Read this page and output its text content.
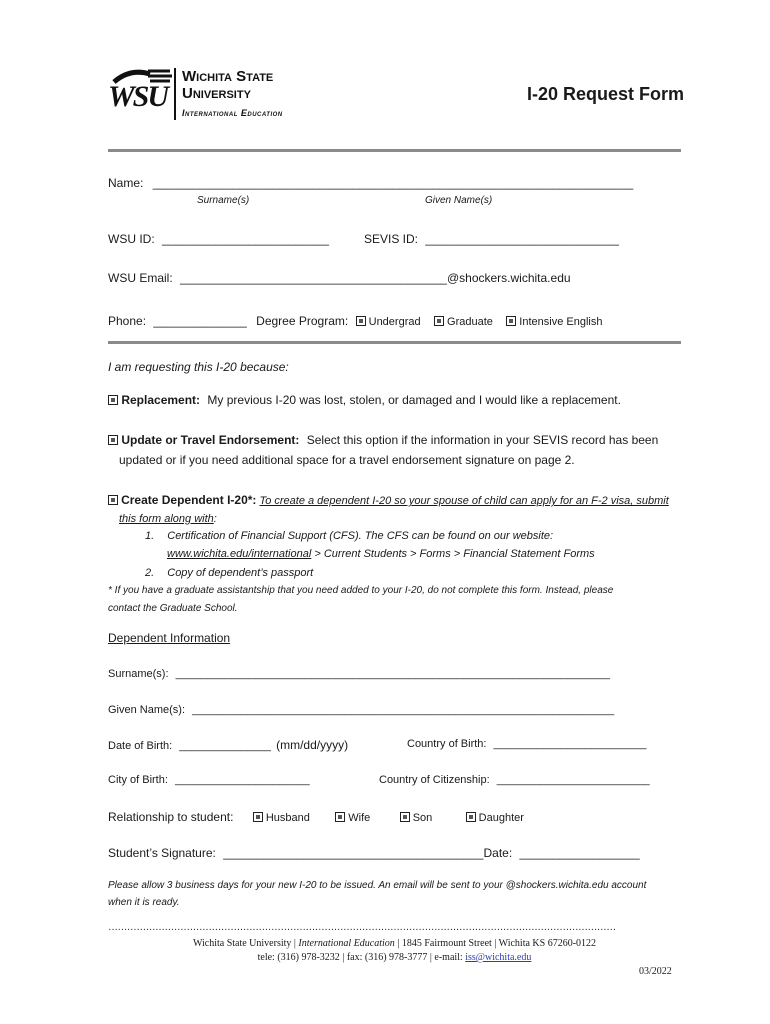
WSU
Wichita State
University
International Education
I-20 Request Form
Name: ________________________________________________________________________
Surname(s)	Given Name(s)
WSU ID: _________________________	SEVIS ID: _____________________________
WSU Email: ________________________________________@shockers.wichita.edu
Phone: ______________ Degree Program: Undergrad Graduate Intensive English
I am requesting this I-20 because:
Replacement: My previous I-20 was lost, stolen, or damaged and I would like a replacement.
Update or Travel Endorsement: Select this option if the information in your SEVIS record has been
updated or if you need additional space for a travel endorsement signature on page 2.
Create Dependent I-20*: To create a dependent I-20 so your spouse of child can apply for an F-2 visa, submit
this form along with:
1. Certification of Financial Support (CFS). The CFS can be found on our website:
www.wichita.edu/international > Current Students > Forms > Financial Statement Forms
2. Copy of dependent’s passport
* If you have a graduate assistantship that you need added to your I-20, do not complete this form. Instead, please
contact the Graduate School.
Dependent Information
Surname(s): _______________________________________________________________________
Given Name(s): _____________________________________________________________________
Date of Birth: _______________ (mm/dd/yyyy)	Country of Birth: _________________________
City of Birth: ______________________	Country of Citizenship: _________________________
Relationship to student:	Husband	Wife	Son	Daughter
Student’s Signature: _______________________________________Date: __________________
Please allow 3 business days for your new I-20 to be issued. An email will be sent to your @shockers.wichita.edu account
when it is ready.
………………………………………………………………………………………………………………………………………………
Wichita State University | International Education | 1845 Fairmount Street | Wichita KS 67260-0122
tele: (316) 978-3232 | fax: (316) 978-3777 | e-mail: iss@wichita.edu
03/2022
